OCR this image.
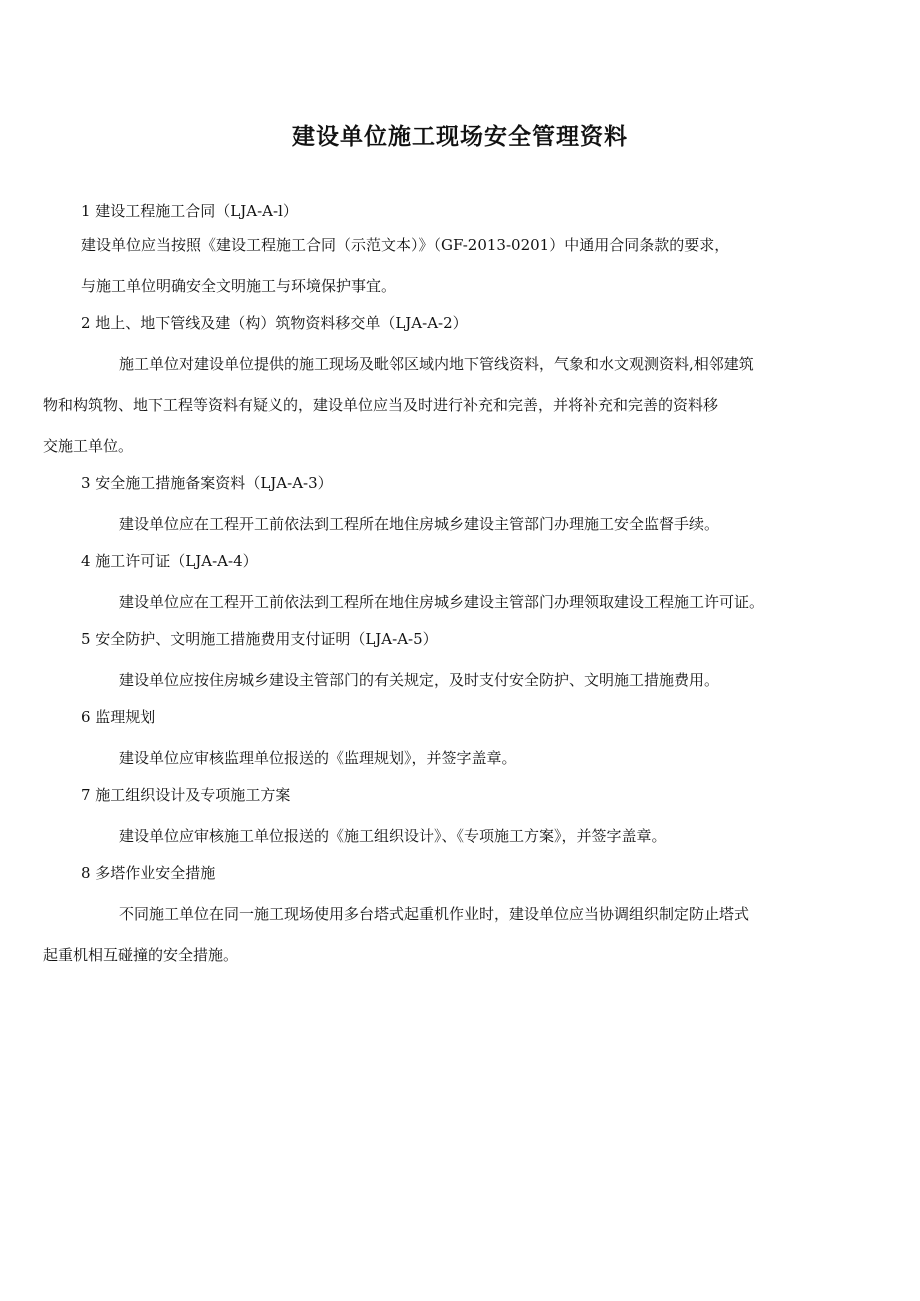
建设单位施工现场安全管理资料
1 建设工程施工合同（LJA-A-l）

建设单位应当按照《建设工程施工合同（示范文本）》（GF-2013-0201）中通用合同条款的要求，
与施工单位明确安全文明施工与环境保护事宜。

2 地上、地下管线及建（构）筑物资料移交单（LJA-A-2）

施工单位对建设单位提供的施工现场及毗邻区域内地下管线资料，气象和水文观测资料,相邻建筑
物和构筑物、地下工程等资料有疑义的，建设单位应当及时进行补充和完善，并将补充和完善的资料移
交施工单位。

3 安全施工措施备案资料（LJA-A-3）

建设单位应在工程开工前依法到工程所在地住房城乡建设主管部门办理施工安全监督手续。

4 施工许可证（LJA-A-4）

建设单位应在工程开工前依法到工程所在地住房城乡建设主管部门办理领取建设工程施工许可证。

5 安全防护、文明施工措施费用支付证明（LJA-A-5）

建设单位应按住房城乡建设主管部门的有关规定，及时支付安全防护、文明施工措施费用。

6 监理规划

建设单位应审核监理单位报送的《监理规划》，并签字盖章。

7 施工组织设计及专项施工方案

建设单位应审核施工单位报送的《施工组织设计》、《专项施工方案》，并签字盖章。

8 多塔作业安全措施

不同施工单位在同一施工现场使用多台塔式起重机作业时，建设单位应当协调组织制定防止塔式
起重机相互碰撞的安全措施。
